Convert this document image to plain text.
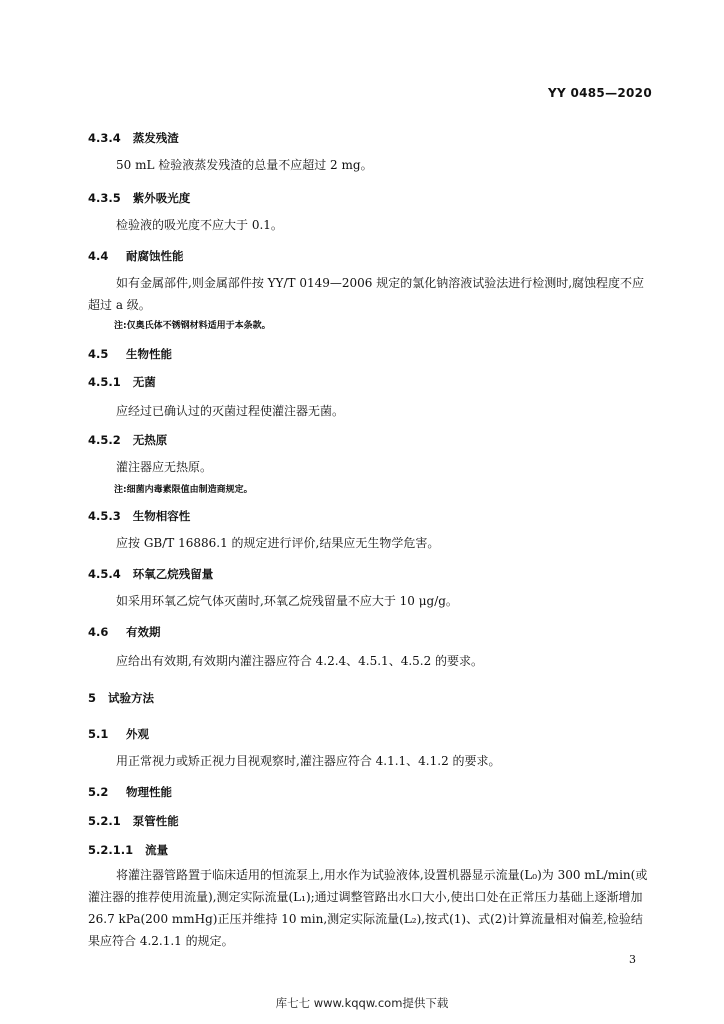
YY 0485—2020
4.3.4 蒸发残渣
50 mL 检验液蒸发残渣的总量不应超过 2 mg。
4.3.5 紫外吸光度
检验液的吸光度不应大于 0.1。
4.4 耐腐蚀性能
如有金属部件,则金属部件按 YY/T 0149—2006 规定的氯化钠溶液试验法进行检测时,腐蚀程度不应超过 a 级。
注:仅奥氏体不锈钢材料适用于本条款。
4.5 生物性能
4.5.1 无菌
应经过已确认过的灭菌过程使灌注器无菌。
4.5.2 无热原
灌注器应无热原。
注:细菌内毒素限值由制造商规定。
4.5.3 生物相容性
应按 GB/T 16886.1 的规定进行评价,结果应无生物学危害。
4.5.4 环氧乙烷残留量
如采用环氧乙烷气体灭菌时,环氧乙烷残留量不应大于 10 μg/g。
4.6 有效期
应给出有效期,有效期内灌注器应符合 4.2.4、4.5.1、4.5.2 的要求。
5 试验方法
5.1 外观
用正常视力或矫正视力目视观察时,灌注器应符合 4.1.1、4.1.2 的要求。
5.2 物理性能
5.2.1 泵管性能
5.2.1.1 流量
将灌注器管路置于临床适用的恒流泵上,用水作为试验液体,设置机器显示流量(L₀)为 300 mL/min(或灌注器的推荐使用流量),测定实际流量(L₁);通过调整管路出水口大小,使出口处在正常压力基础上逐渐增加 26.7 kPa(200 mmHg)正压并维持 10 min,测定实际流量(L₂),按式(1)、式(2)计算流量相对偏差,检验结果应符合 4.2.1.1 的规定。
3
库七七 www.kqqw.com提供下载
